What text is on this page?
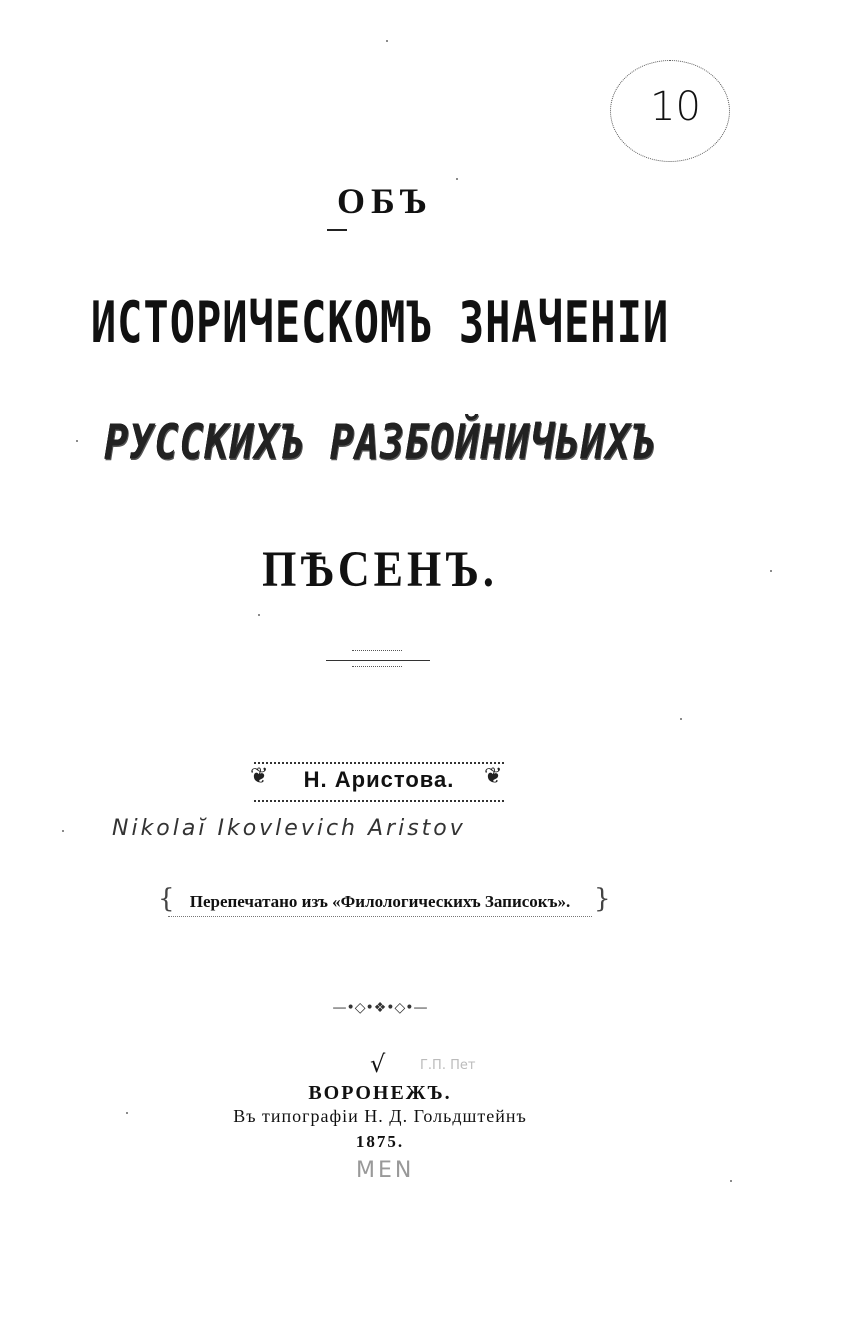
10
ОБЪ
ИСТОРИЧЕСКОМЪ ЗНАЧЕНІИ
РУССКИХЪ РАЗБОЙНИЧЬИХЪ
ПѢСЕНЪ.
❦	❦
Н. Аристова.
Nikolaĭ Ikovlevich Aristov
{ Перепечатано изъ «Филологическихъ Записокъ». }
—•◇•❖•◇•—
√	Г.П. Пет
ВОРОНЕЖЪ.
Въ типографіи Н. Д. Гольдштейнъ
1875.
MEN
